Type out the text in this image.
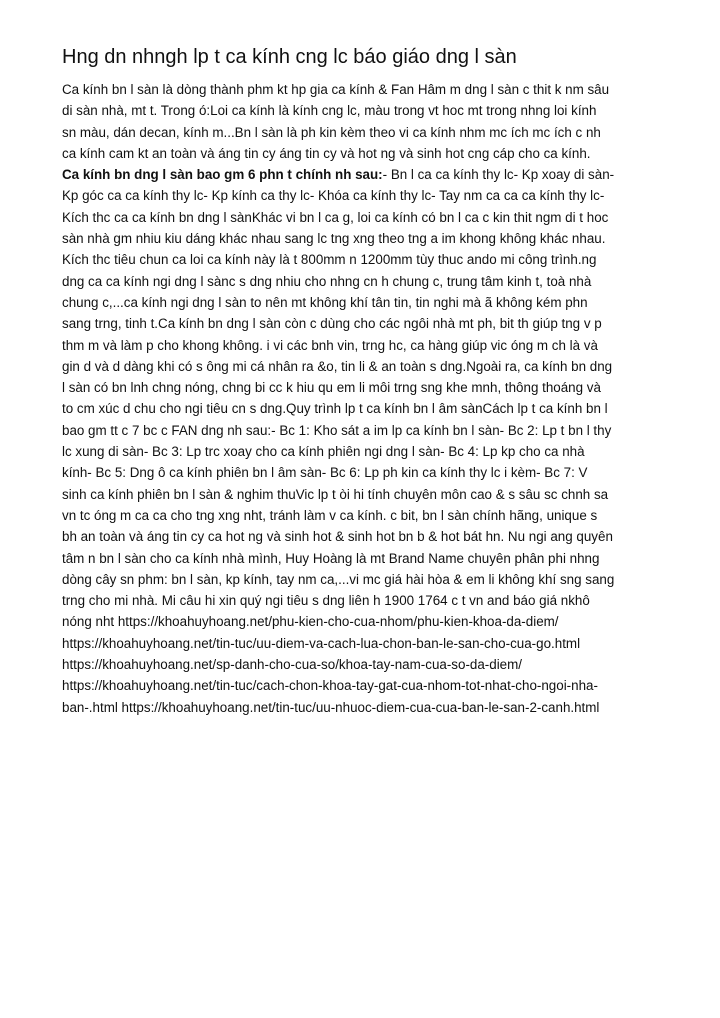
Hng dn nhngh lp t ca kính cng lc báo giáo dng l sàn
Ca kính bn l sàn là dòng thành phm kt hp gia ca kính & Fan Hâm m dng l sàn c thit k nm sâu
di sàn nhà, mt t. Trong ó:Loi ca kính là kính cng lc, màu trong vt hoc mt trong nhng loi kính
sn màu, dán decan, kính m...Bn l sàn là ph kin kèm theo vi ca kính nhm mc ích mc ích c nh
ca kính cam kt an toàn và áng tin cy áng tin cy và hot ng và sinh hot cng cáp cho ca kính.
Ca kính bn dng l sàn bao gm 6 phn t chính nh sau:- Bn l ca ca kính thy lc- Kp xoay di sàn-
Kp góc ca ca kính thy lc- Kp kính ca thy lc- Khóa ca kính thy lc- Tay nm ca ca ca kính thy lc-
Kích thc ca ca kính bn dng l sànKhác vi bn l ca g, loi ca kính có bn l ca c kin thit ngm di t hoc
sàn nhà gm nhiu kiu dáng khác nhau sang lc tng xng theo tng a im khong không khác nhau.
Kích thc tiêu chun ca loi ca kính này là t 800mm n 1200mm tùy thuc ando mi công trình.ng
dng ca ca kính ngi dng l sànc s dng nhiu cho nhng cn h chung c, trung tâm kinh t, toà nhà
chung c,...ca kính ngi dng l sàn to nên mt không khí tân tin, tin nghi mà ã không kém phn
sang trng, tinh t.Ca kính bn dng l sàn còn c dùng cho các ngôi nhà mt ph, bit th giúp tng v p
thm m và làm p cho khong không. i vi các bnh vin, trng hc, ca hàng giúp vic óng m ch là và
gin d và d dàng khi có s ông mi cá nhân ra &o, tin li & an toàn s dng.Ngoài ra, ca kính bn dng
l sàn có bn lnh chng nóng, chng bi cc k hiu qu em li môi trng sng khe mnh, thông thoáng và
to cm xúc d chu cho ngi tiêu cn s dng.Quy trình lp t ca kính bn l âm sànCách lp t ca kính bn l
bao gm tt c 7 bc c FAN dng nh sau:- Bc 1: Kho sát a im lp ca kính bn l sàn- Bc 2: Lp t bn l thy
lc xung di sàn- Bc 3: Lp trc xoay cho ca kính phiên ngi dng l sàn- Bc 4: Lp kp cho ca nhà
kính- Bc 5: Dng ô ca kính phiên bn l âm sàn- Bc 6: Lp ph kin ca kính thy lc i kèm- Bc 7: V
sinh ca kính phiên bn l sàn & nghim thuVic lp t òi hi tính chuyên môn cao & s sâu sc chnh sa
vn tc óng m ca ca cho tng xng nht, tránh làm v ca kính. c bit, bn l sàn chính hãng, unique s
bh an toàn và áng tin cy ca hot ng và sinh hot & sinh hot bn b & hot bát hn. Nu ngi ang quyên
tâm n bn l sàn cho ca kính nhà mình, Huy Hoàng là mt Brand Name chuyên phân phi nhng
dòng cây sn phm: bn l sàn, kp kính, tay nm ca,...vi mc giá hài hòa & em li không khí sng sang
trng cho mi nhà. Mi câu hi xin quý ngi tiêu s dng liên h 1900 1764 c t vn and báo giá nkhô
nóng nht https://khoahuyhoang.net/phu-kien-cho-cua-nhom/phu-kien-khoa-da-diem/
https://khoahuyhoang.net/tin-tuc/uu-diem-va-cach-lua-chon-ban-le-san-cho-cua-go.html
https://khoahuyhoang.net/sp-danh-cho-cua-so/khoa-tay-nam-cua-so-da-diem/
https://khoahuyhoang.net/tin-tuc/cach-chon-khoa-tay-gat-cua-nhom-tot-nhat-cho-ngoi-nha-
ban-.html https://khoahuyhoang.net/tin-tuc/uu-nhuoc-diem-cua-cua-ban-le-san-2-canh.html
